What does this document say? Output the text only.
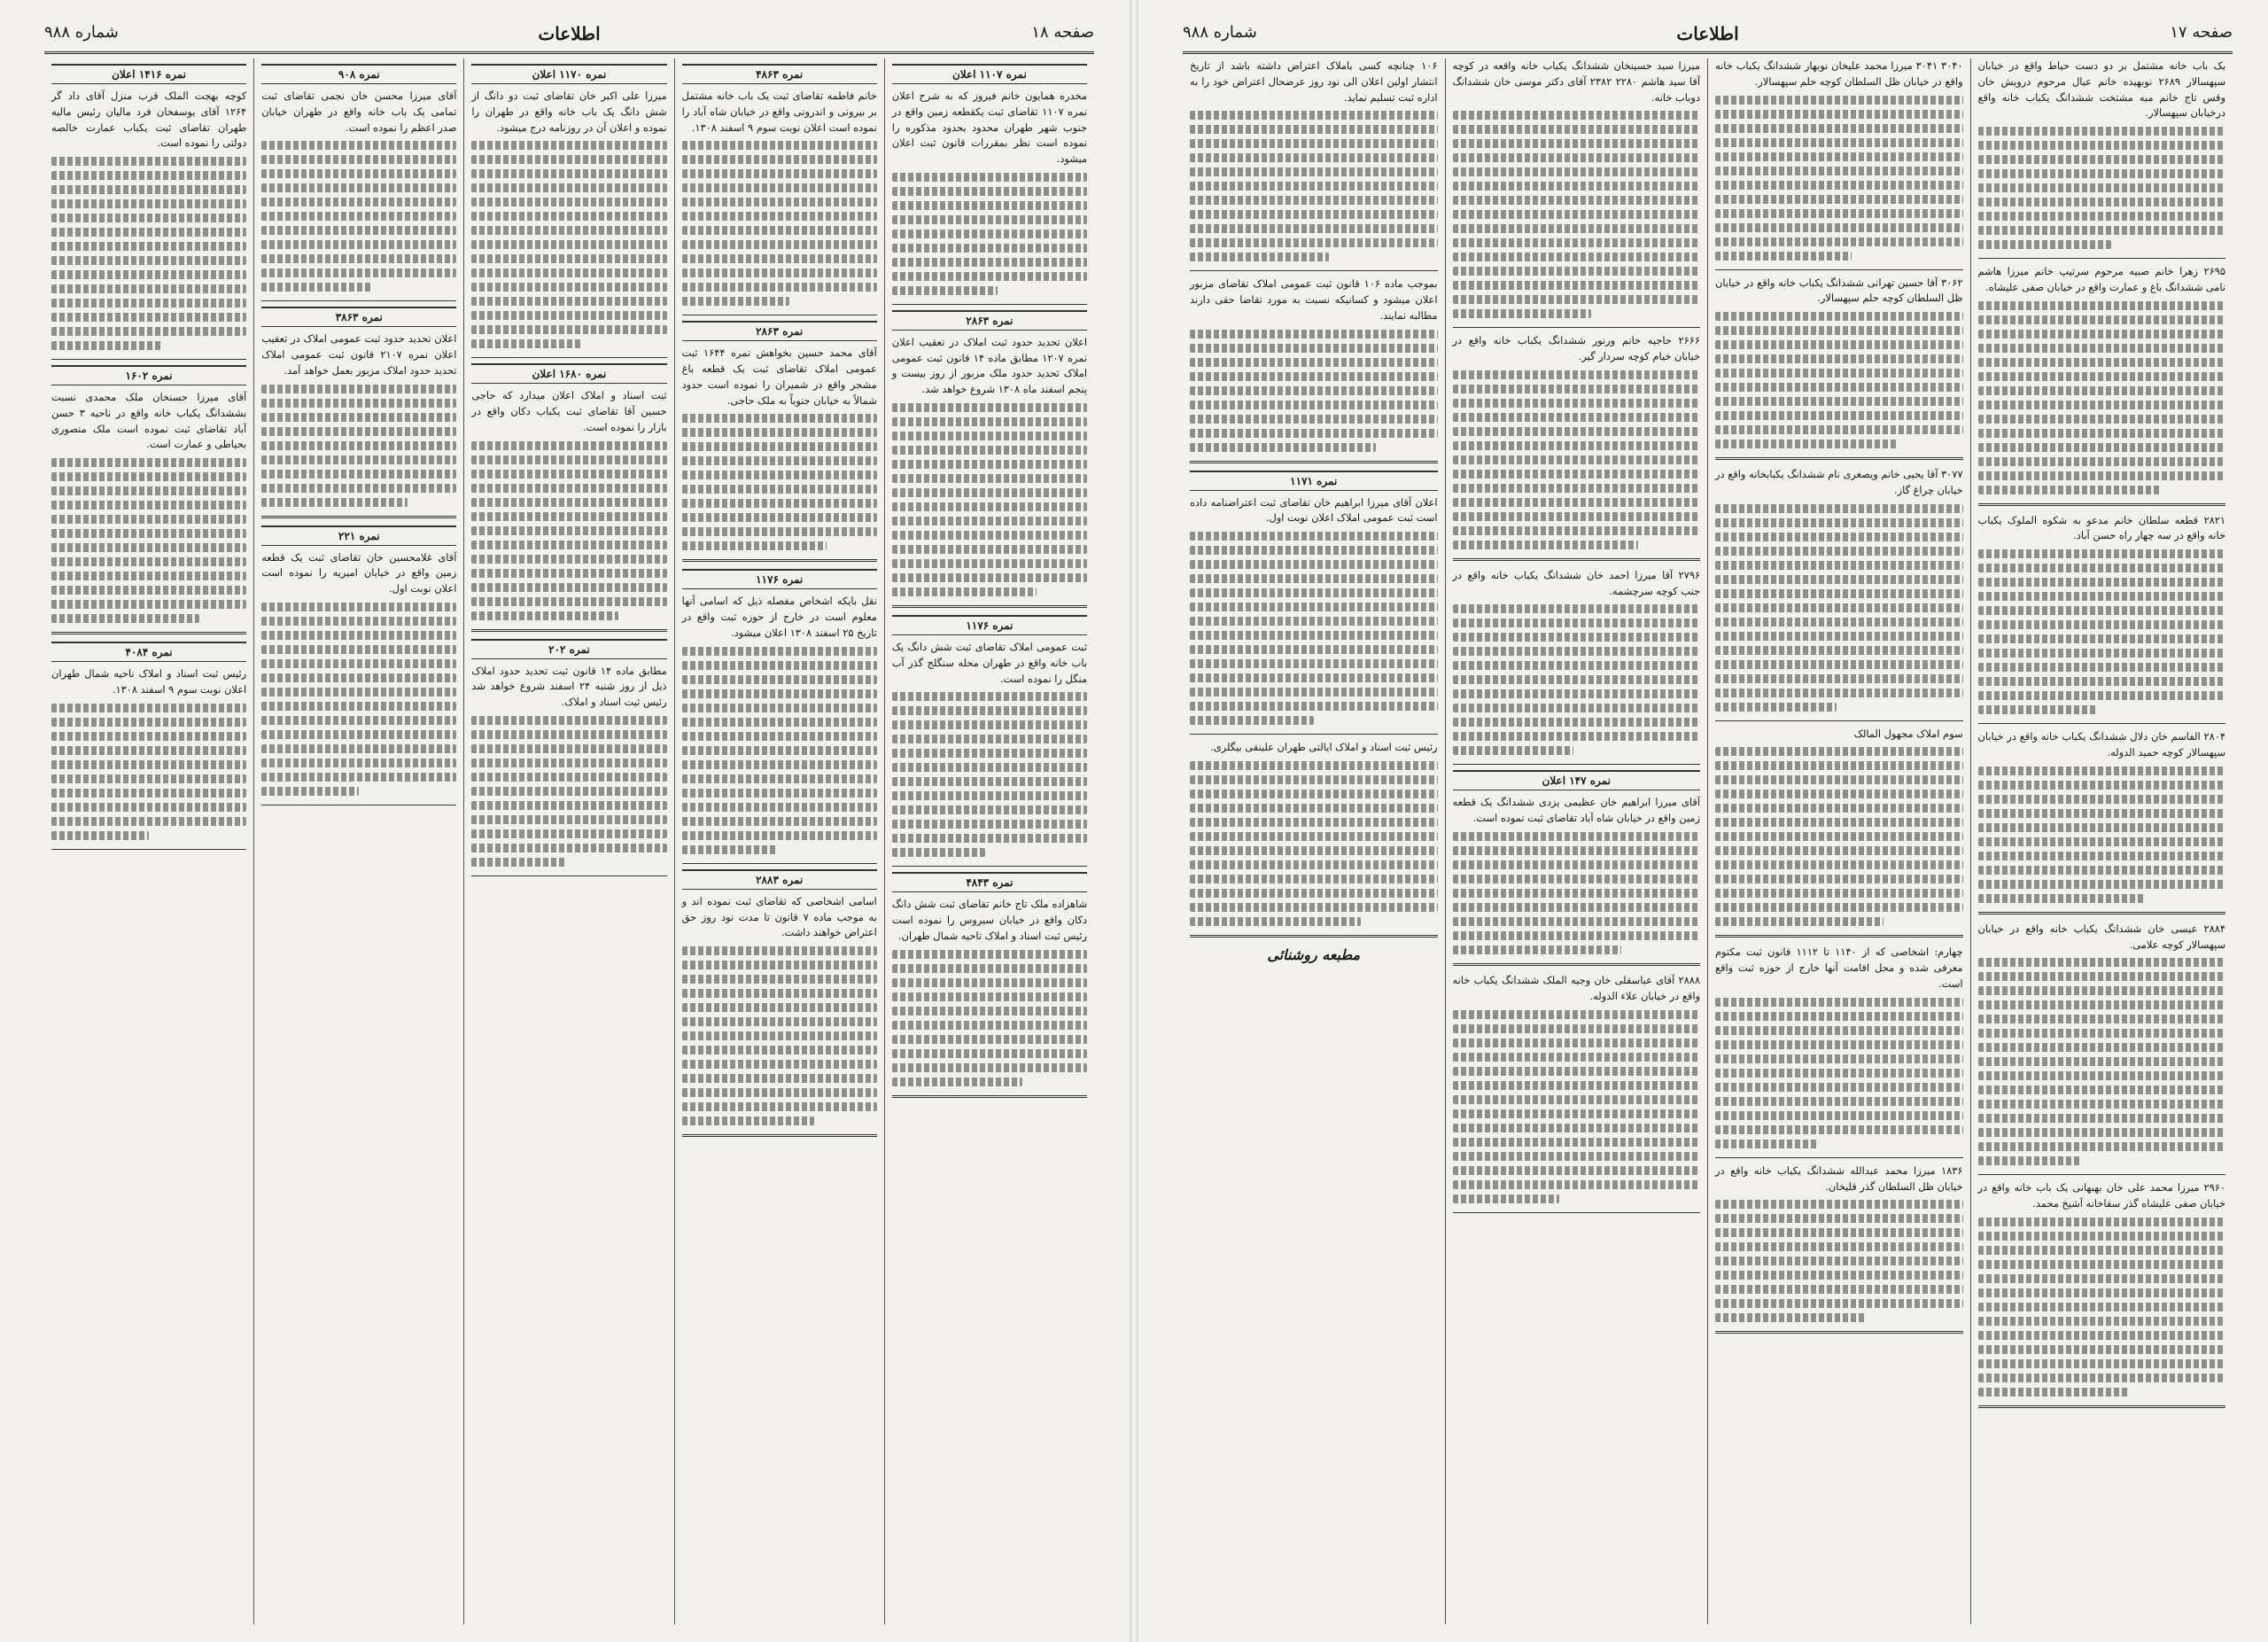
شماره ۹۸۸	اطلاعات	صفحه ۱۸
نمره ۱۱۰۷ اعلان
مخدره همایون خانم فیروز که به شرح اعلان نمره ۱۱۰۷ تقاضای ثبت یکقطعه زمین واقع در جنوب شهر طهران محدود بحدود مذکوره را نموده است نظر بمقررات قانون ثبت اعلان میشود.
نمره ۲۸۶۳
اعلان تحدید حدود ثبت املاک در تعقیب اعلان نمره ۱۲۰۷ مطابق ماده ۱۴ قانون ثبت عمومی املاک تحدید حدود ملک مزبور از روز بیست و پنجم اسفند ماه ۱۳۰۸ شروع خواهد شد.
نمره ۱۱۷۶
ثبت عمومی املاک تقاضای ثبت شش دانگ یک باب خانه واقع در طهران محله سنگلج گذر آب منگل را نموده است.
نمره ۴۸۴۳
شاهزاده ملک تاج خانم تقاضای ثبت شش دانگ دکان واقع در خیابان سیروس را نموده است رئیس ثبت اسناد و املاک تاحیه شمال طهران.
نمره ۴۸۶۳
خانم فاطمه تقاضای ثبت یک باب خانه مشتمل بر بیرونی و اندرونی واقع در خیابان شاه آباد را نموده است اعلان نوبت سوم ۹ اسفند ۱۳۰۸.
نمره ۲۸۶۳
آقای محمد حسین بخواهش نمره ۱۶۴۴ ثبت عمومی املاک تقاضای ثبت یک قطعه باغ مشجر واقع در شمیران را نموده است حدود شمالاً به خیابان جنوباً به ملک حاجی.
نمره ۱۱۷۶
نقل بایکه اشخاص مفصله ذیل که اسامی آنها معلوم است در خارج از حوزه ثبت واقع در تاریخ ۲۵ اسفند ۱۳۰۸ اعلان میشود.
نمره ۲۸۸۳
اسامی اشخاصی که تقاضای ثبت نموده اند و به موجب ماده ۷ قانون تا مدت نود روز حق اعتراض خواهند داشت.
نمره ۱۱۷۰ اعلان
میرزا علی اکبر خان تقاضای ثبت دو دانگ از شش دانگ یک باب خانه واقع در طهران را نموده و اعلان آن در روزنامه درج میشود.
نمره ۱۶۸۰ اعلان
ثبت اسناد و املاک اعلان میدارد که حاجی حسین آقا تقاضای ثبت یکباب دکان واقع در بازار را نموده است.
نمره ۲۰۲
مطابق ماده ۱۴ قانون ثبت تحدید حدود املاک ذیل از روز شنبه ۲۴ اسفند شروع خواهد شد رئیس ثبت اسناد و املاک.
نمره ۹۰۸
آقای میرزا محسن خان نجمی تقاضای ثبت تمامی یک باب خانه واقع در طهران خیابان صدر اعظم را نموده است.
نمره ۳۸۶۳
اعلان تحدید حدود ثبت عمومی املاک در تعقیب اعلان نمره ۲۱۰۷ قانون ثبت عمومی املاک تحدید حدود املاک مزبور بعمل خواهد آمد.
نمره ۲۲۱
آقای غلامحسین خان تقاضای ثبت یک قطعه زمین واقع در خیابان امیریه را نموده است اعلان نوبت اول.
نمره ۱۴۱۶ اعلان
کوچه بهجت الملک قرب منزل آقای داد گر ۱۲۶۴ آقای یوسفخان فرد مالیان رئیس مالیه طهران تقاضای ثبت یکباب عمارت خالصه دولتی را نموده است.
نمره ۱۶۰۲
آقای میرزا حسنخان ملک محمدی نسبت بششدانگ یکباب خانه واقع در ناحیه ۳ حسن آباد تقاضای ثبت نموده است ملک منصوری بحیاطی و عمارت است.
نمره ۴۰۸۴
رئیس ثبت اسناد و املاک ناحیه شمال طهران اعلان نوبت سوم ۹ اسفند ۱۳۰۸.
شماره ۹۸۸	اطلاعات	صفحه ۱۷
یک باب خانه مشتمل بر دو دست حیاط واقع در خیابان سپهسالار ۲۶۸۹ نوبهیده خانم عیال مرحوم درویش خان وقس تاج خانم مبه مشتخت ششدانگ یکباب خانه واقع درخیابان سپهسالار.
۲۶۹۵ زهرا خانم صبیه مرحوم سرتیپ خانم میرزا هاشم نامی ششدانگ باغ و عمارت واقع در خیابان صفی علیشاه.
۲۸۲۱ قطعه سلطان خانم مدعو به شکوه الملوک یکباب خانه واقع در سه چهار راه حسن آباد.
۲۸۰۴ الفاسم خان دلال ششدانگ یکباب خانه واقع در خیابان سپهسالار کوچه حمید الدوله.
۲۸۸۴ عیسی خان ششدانگ یکباب خانه واقع در خیابان سپهسالار کوچه علامی.
۲۹۶۰ میرزا محمد علی خان بهبهانی یک باب خانه واقع در خیابان صفی علیشاه گذر سقاخانه آشیخ محمد.
۳۰۴۰ ۳۰۴۱ میرزا محمد علیخان نوبهار ششدانگ یکباب خانه واقع در خیابان ظل السلطان کوچه حلم سپهسالار.
۳۰۶۲ آقا حسین تهرانی ششدانگ یکباب خانه واقع در خیابان ظل السلطان کوچه حلم سپهسالار.
۳۰۷۷ آقا یحیی خانم ویصغری نام ششدانگ یکبابخانه واقع در خیابان چراغ گاز.
سوم املاک مجهول المالک
چهارم: اشخاصی که از ۱۱۴۰ تا ۱۱۱۲ قانون ثبت مکتوم معرفی شده و محل اقامت آنها خارج از حوزه ثبت واقع است.
۱۸۳۶ میرزا محمد عبدالله ششدانگ یکباب خانه واقع در خیابان ظل السلطان گذر قلیخان.
میرزا سید حسینخان ششدانگ یکباب خانه واقعه در کوچه آقا سید هاشم ۲۲۸۰ ۲۳۸۲ آقای دکتر موسی خان ششدانگ دوباب خانه.
۲۶۶۶ حاجیه خانم ورنور ششدانگ یکباب خانه واقع در خیابان خیام کوچه سردار گیر.
۲۷۹۶ آقا میرزا احمد خان ششدانگ یکباب خانه واقع در جنب کوچه سرچشمه.
نمره ۱۴۷ اعلان
آقای میرزا ابراهیم خان عظیمی یزدی ششدانگ یک قطعه زمین واقع در خیابان شاه آباد تقاضای ثبت نموده است.
۲۸۸۸ آقای عباسقلی خان وجیه الملک ششدانگ یکباب خانه واقع در خیابان علاء الدوله.
۱۰۶ چنانچه کسی باملاک اعتراض داشته باشد از تاریخ انتشار اولین اعلان الی نود روز عرضحال اعتراض خود را به اداره ثبت تسلیم نماید.
بموجب ماده ۱۰۶ قانون ثبت عمومی املاک تقاضای مزبور اعلان میشود و کسانیکه نسبت به مورد تقاضا حقی دارند مطالبه نمایند.
نمره ۱۱۷۱
اعلان آقای میرزا ابراهیم خان تقاضای ثبت اعتراضنامه داده است ثبت عمومی املاک اعلان نوبت اول.
رئیس ثبت اسناد و املاک ایالتی طهران علینقی بیگلری.
مطبعه روشنائی
